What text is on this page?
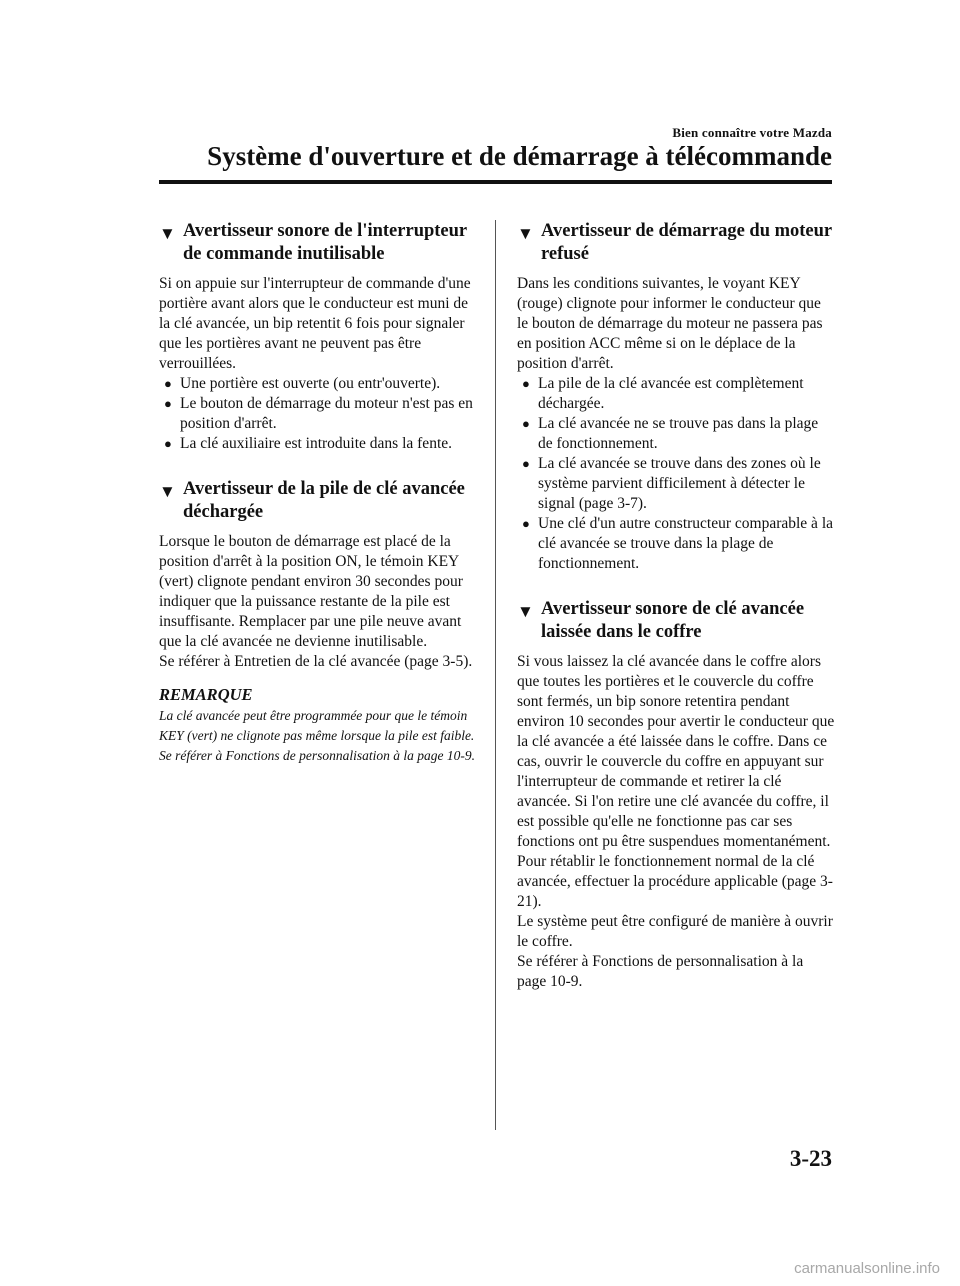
Bien connaître votre Mazda
Système d'ouverture et de démarrage à télécommande
▼ Avertisseur sonore de l'interrupteur de commande inutilisable
Si on appuie sur l'interrupteur de commande d'une portière avant alors que le conducteur est muni de la clé avancée, un bip retentit 6 fois pour signaler que les portières avant ne peuvent pas être verrouillées.
● Une portière est ouverte (ou entr'ouverte).
● Le bouton de démarrage du moteur n'est pas en position d'arrêt.
● La clé auxiliaire est introduite dans la fente.
▼ Avertisseur de la pile de clé avancée déchargée
Lorsque le bouton de démarrage est placé de la position d'arrêt à la position ON, le témoin KEY (vert) clignote pendant environ 30 secondes pour indiquer que la puissance restante de la pile est insuffisante. Remplacer par une pile neuve avant que la clé avancée ne devienne inutilisable.
Se référer à Entretien de la clé avancée (page 3-5).
REMARQUE
La clé avancée peut être programmée pour que le témoin KEY (vert) ne clignote pas même lorsque la pile est faible.
Se référer à Fonctions de personnalisation à la page 10-9.
▼ Avertisseur de démarrage du moteur refusé
Dans les conditions suivantes, le voyant KEY (rouge) clignote pour informer le conducteur que le bouton de démarrage du moteur ne passera pas en position ACC même si on le déplace de la position d'arrêt.
● La pile de la clé avancée est complètement déchargée.
● La clé avancée ne se trouve pas dans la plage de fonctionnement.
● La clé avancée se trouve dans des zones où le système parvient difficilement à détecter le signal (page 3-7).
● Une clé d'un autre constructeur comparable à la clé avancée se trouve dans la plage de fonctionnement.
▼ Avertisseur sonore de clé avancée laissée dans le coffre
Si vous laissez la clé avancée dans le coffre alors que toutes les portières et le couvercle du coffre sont fermés, un bip sonore retentira pendant environ 10 secondes pour avertir le conducteur que la clé avancée a été laissée dans le coffre. Dans ce cas, ouvrir le couvercle du coffre en appuyant sur l'interrupteur de commande et retirer la clé avancée. Si l'on retire une clé avancée du coffre, il est possible qu'elle ne fonctionne pas car ses fonctions ont pu être suspendues momentanément. Pour rétablir le fonctionnement normal de la clé avancée, effectuer la procédure applicable (page 3-21).
Le système peut être configuré de manière à ouvrir le coffre.
Se référer à Fonctions de personnalisation à la page 10-9.
3-23
carmanualsonline.info
